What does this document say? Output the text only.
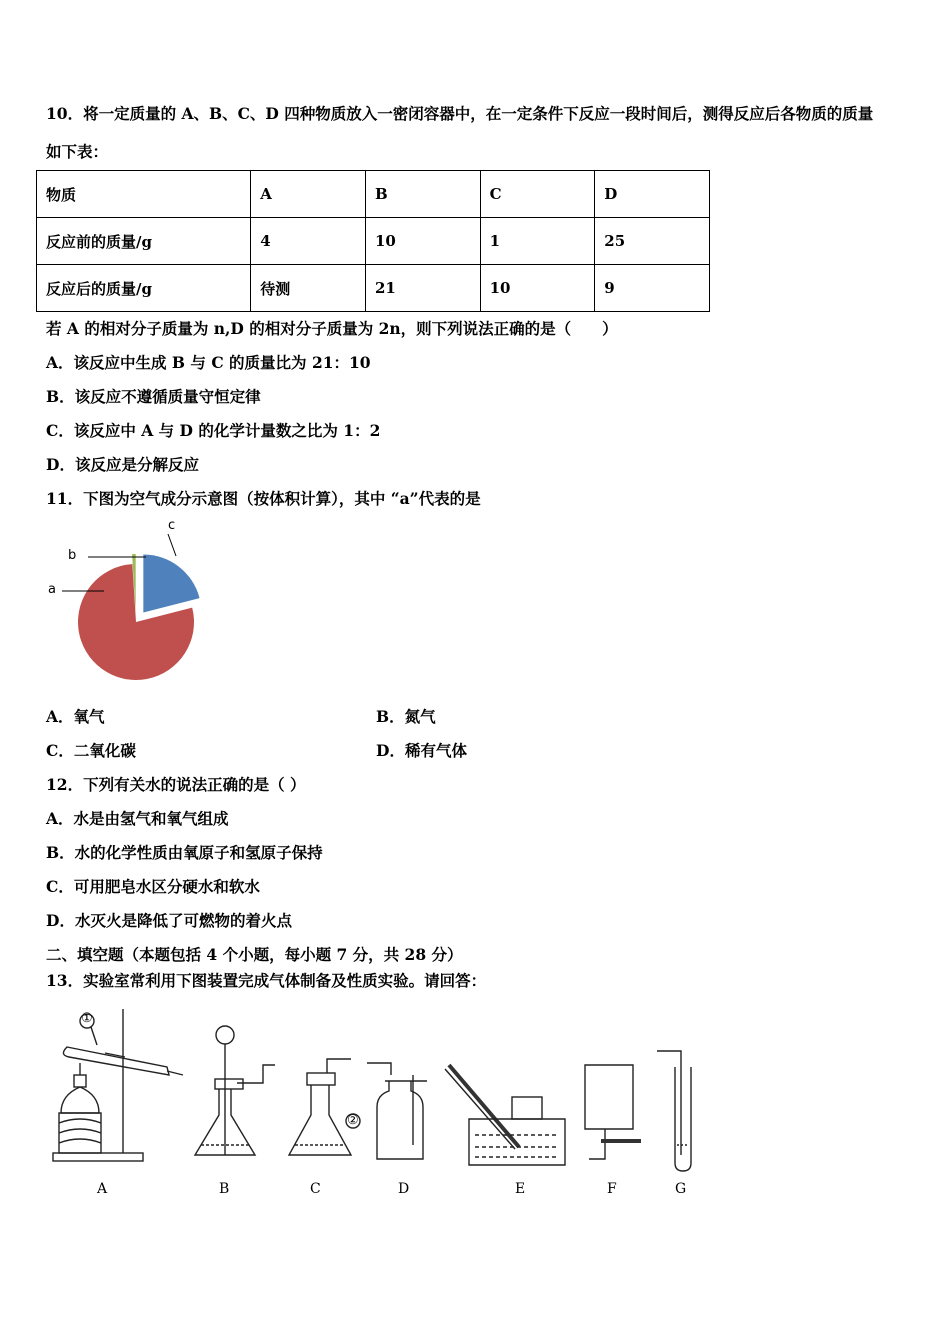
10．将一定质量的 A、B、C、D 四种物质放入一密闭容器中，在一定条件下反应一段时间后，测得反应后各物质的质量
如下表：
物质	A	B	C	D
反应前的质量/g	4	10	1	25
反应后的质量/g	待测	21	10	9
若 A 的相对分子质量为 n,D 的相对分子质量为 2n，则下列说法正确的是（　　）
A．该反应中生成 B 与 C 的质量比为 21：10
B．该反应不遵循质量守恒定律
C．该反应中 A 与 D 的化学计量数之比为 1：2
D．该反应是分解反应
11．下图为空气成分示意图（按体积计算），其中 “a”代表的是
c
b
a
A．氧气	B．氮气
C．二氧化碳	D．稀有气体
12．下列有关水的说法正确的是（ ）
A．水是由氢气和氧气组成
B．水的化学性质由氧原子和氢原子保持
C．可用肥皂水区分硬水和软水
D．水灭火是降低了可燃物的着火点
二、填空题（本题包括 4 个小题，每小题 7 分，共 28 分）
13．实验室常利用下图装置完成气体制备及性质实验。请回答：
A	B	C	D	E	F	G
①
②
